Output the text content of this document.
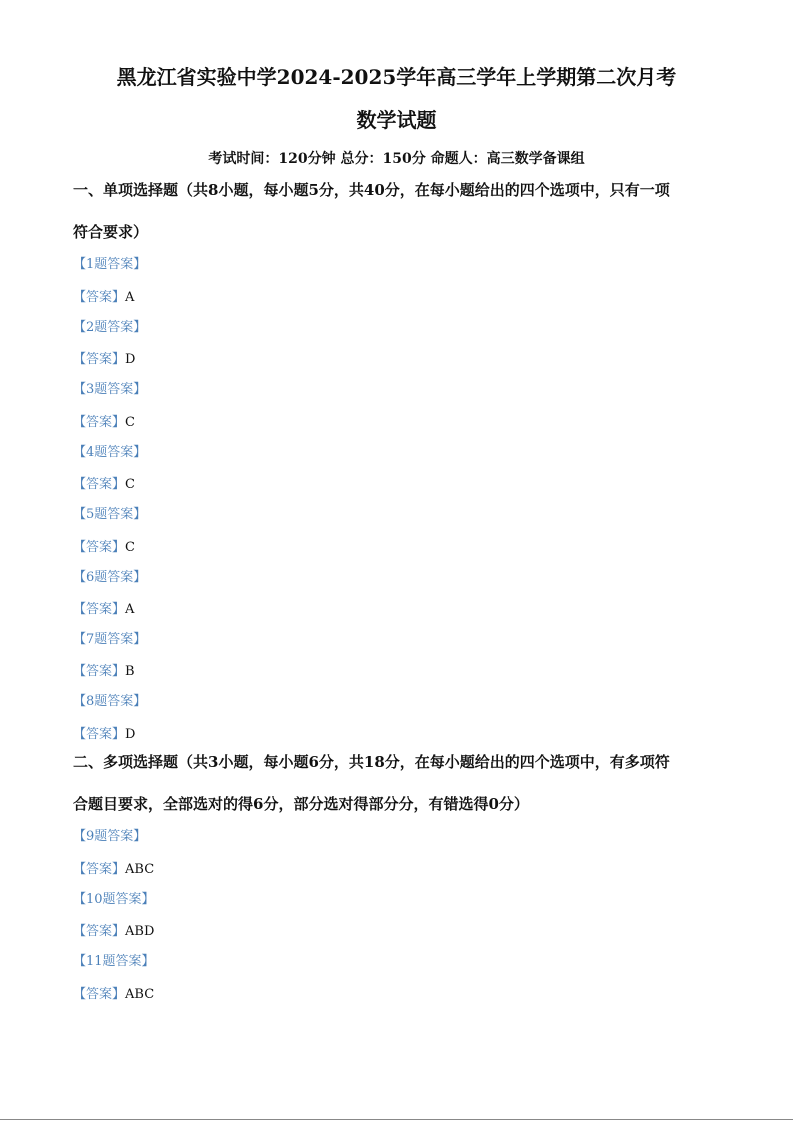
黑龙江省实验中学2024-2025学年高三学年上学期第二次月考
数学试题
考试时间：120分钟 总分：150分 命题人：高三数学备课组
一、单项选择题（共8小题，每小题5分，共40分，在每小题给出的四个选项中，只有一项
符合要求）
【1题答案】
【答案】A
【2题答案】
【答案】D
【3题答案】
【答案】C
【4题答案】
【答案】C
【5题答案】
【答案】C
【6题答案】
【答案】A
【7题答案】
【答案】B
【8题答案】
【答案】D
二、多项选择题（共3小题，每小题6分，共18分，在每小题给出的四个选项中，有多项符
合题目要求，全部选对的得6分，部分选对得部分分，有错选得0分）
【9题答案】
【答案】ABC
【10题答案】
【答案】ABD
【11题答案】
【答案】ABC
